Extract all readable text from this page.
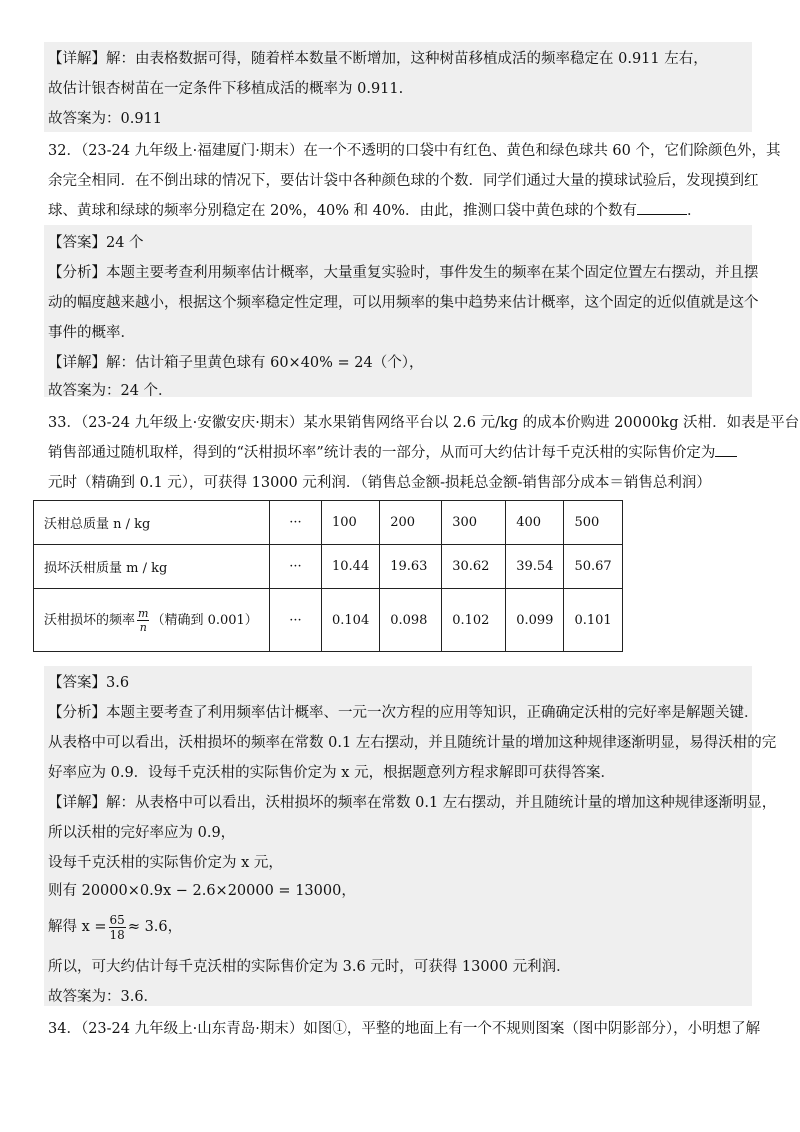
【详解】解：由表格数据可得，随着样本数量不断增加，这种树苗移植成活的频率稳定在 0.911 左右，
故估计银杏树苗在一定条件下移植成活的概率为 0.911.
故答案为：0.911
32．（23-24 九年级上·福建厦门·期末）在一个不透明的口袋中有红色、黄色和绿色球共 60 个，它们除颜色外，其
余完全相同．在不倒出球的情况下，要估计袋中各种颜色球的个数．同学们通过大量的摸球试验后，发现摸到红
球、黄球和绿球的频率分别稳定在 20%，40% 和 40%．由此，推测口袋中黄色球的个数有	．
【答案】24 个
【分析】本题主要考查利用频率估计概率，大量重复实验时，事件发生的频率在某个固定位置左右摆动，并且摆
动的幅度越来越小，根据这个频率稳定性定理，可以用频率的集中趋势来估计概率，这个固定的近似值就是这个
事件的概率．
【详解】解：估计箱子里黄色球有 60×40% = 24（个），
故答案为：24 个．
33．（23-24 九年级上·安徽安庆·期末）某水果销售网络平台以 2.6 元/kg 的成本价购进 20000kg 沃柑．如表是平台
销售部通过随机取样，得到的“沃柑损坏率”统计表的一部分，从而可大约估计每千克沃柑的实际售价定为
元时（精确到 0.1 元），可获得 13000 元利润．（销售总金额-损耗总金额-销售部分成本＝销售总利润）
沃柑总质量 n / kg	···	100	200	300	400	500
损坏沃柑质量 m / kg	···	10.44	19.63	30.62	39.54	50.67
沃柑损坏的频率 $\frac{m}{n}$ （精确到 0.001）	···	0.104	0.098	0.102	0.099	0.101
【答案】3.6
【分析】本题主要考查了利用频率估计概率、一元一次方程的应用等知识，正确确定沃柑的完好率是解题关键．
从表格中可以看出，沃柑损坏的频率在常数 0.1 左右摆动，并且随统计量的增加这种规律逐渐明显，易得沃柑的完
好率应为 0.9．设每千克沃柑的实际售价定为 x 元，根据题意列方程求解即可获得答案．
【详解】解：从表格中可以看出，沃柑损坏的频率在常数 0.1 左右摆动，并且随统计量的增加这种规律逐渐明显，
所以沃柑的完好率应为 0.9，
设每千克沃柑的实际售价定为 x 元，
则有 20000×0.9x − 2.6×20000 = 13000，
解得 $x = \frac{65}{18} \approx 3.6$，
所以，可大约估计每千克沃柑的实际售价定为 3.6 元时，可获得 13000 元利润．
故答案为：3.6．
34．（23-24 九年级上·山东青岛·期末）如图①，平整的地面上有一个不规则图案（图中阴影部分），小明想了解
